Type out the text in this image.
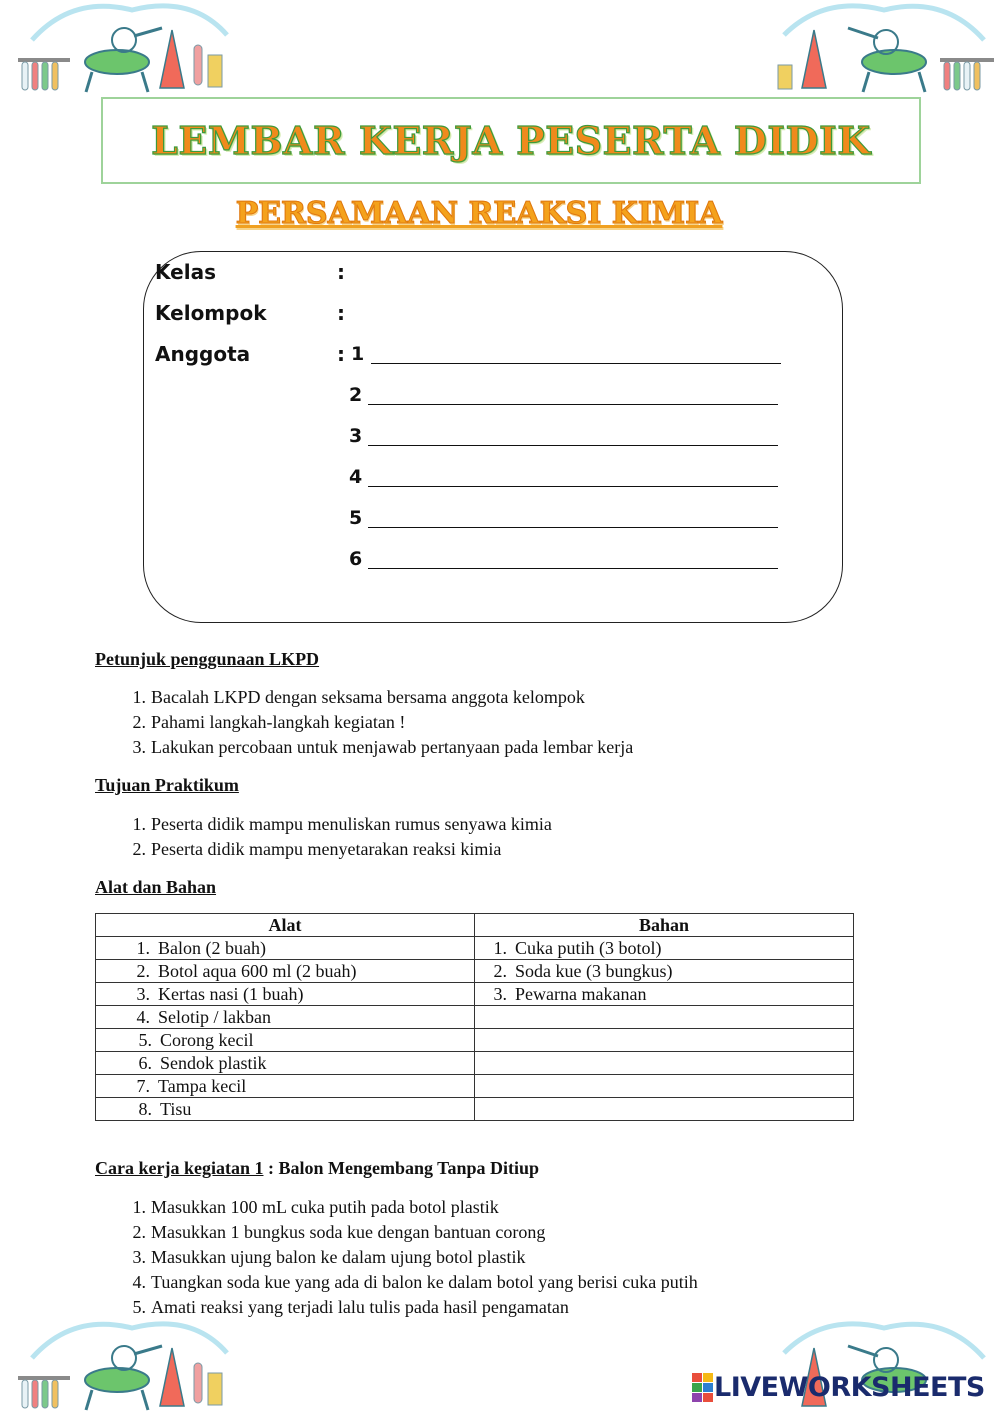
LEMBAR KERJA PESERTA DIDIK
PERSAMAAN REAKSI KIMIA
Kelas	:
Kelompok	:
Anggota	: 1
2
3
4
5
6
Petunjuk penggunaan LKPD
1. Bacalah LKPD dengan seksama bersama anggota kelompok
2. Pahami langkah-langkah kegiatan !
3. Lakukan percobaan untuk menjawab pertanyaan pada lembar kerja
Tujuan Praktikum
1. Peserta didik mampu menuliskan rumus senyawa kimia
2. Peserta didik mampu menyetarakan reaksi kimia
Alat dan Bahan
Alat	Bahan

1. Balon (2 buah)	1. Cuka putih (3 botol)

2. Botol aqua 600 ml (2 buah)	2. Soda kue (3 bungkus)

3. Kertas nasi (1 buah)	3. Pewarna makanan

4. Selotip / lakban	

5. Corong kecil	

6. Sendok plastik	

7. Tampa kecil	

8. Tisu	

Cara kerja kegiatan 1 : Balon Mengembang Tanpa Ditiup
1. Masukkan 100 mL cuka putih pada botol plastik
2. Masukkan 1 bungkus soda kue dengan bantuan corong
3. Masukkan ujung balon ke dalam ujung botol plastik
4. Tuangkan soda kue yang ada di balon ke dalam botol yang berisi cuka putih
5. Amati reaksi yang terjadi lalu tulis pada hasil pengamatan
LIVEWORKSHEETS
